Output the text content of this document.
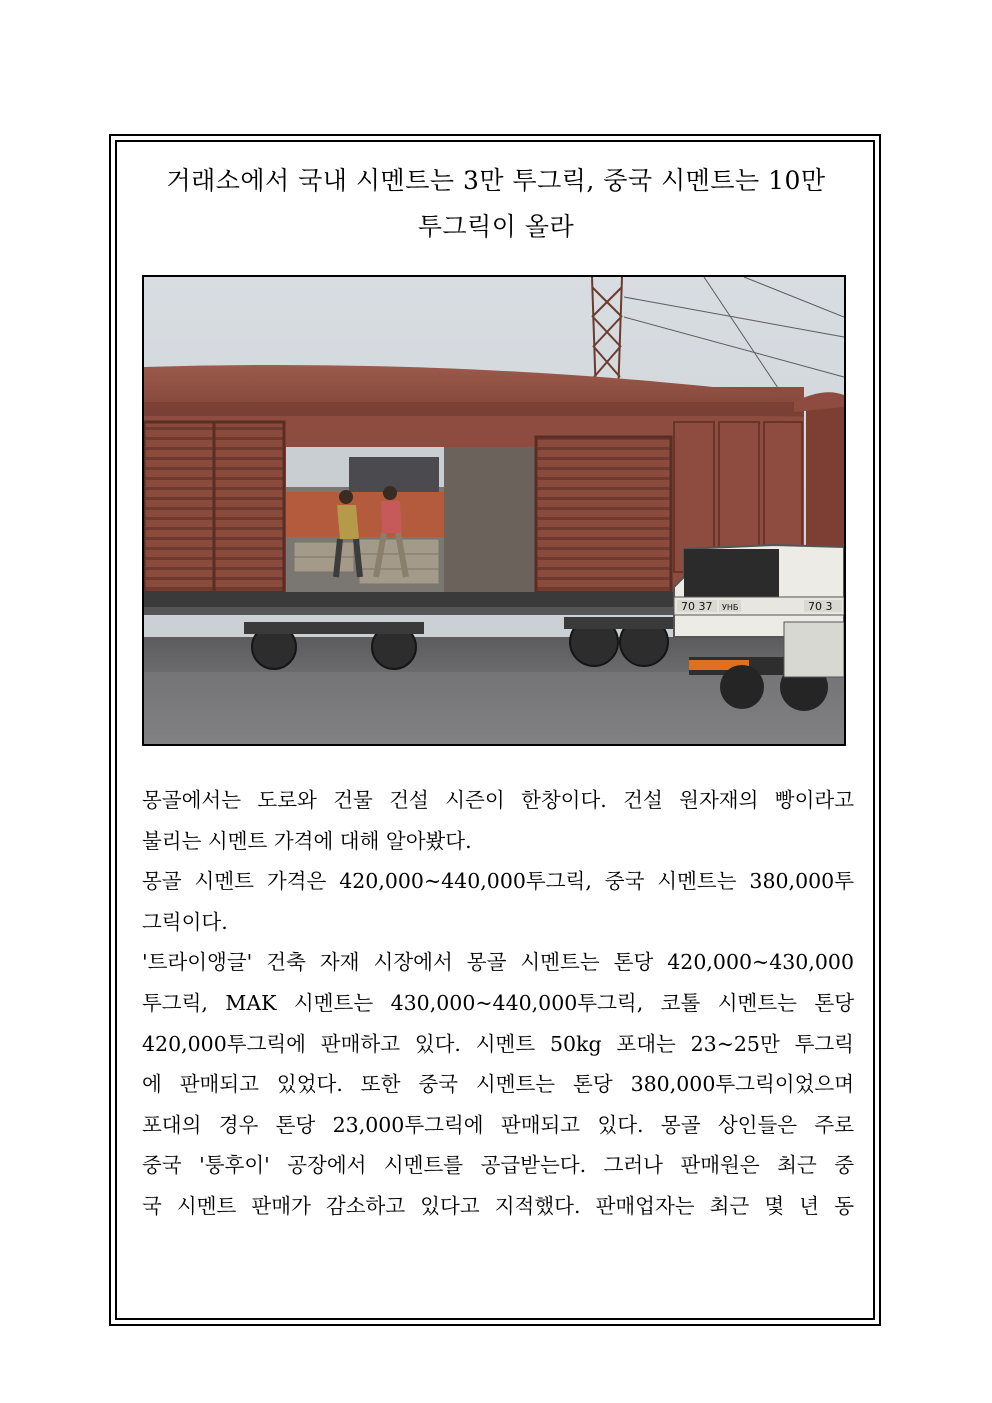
거래소에서 국내 시멘트는 3만 투그릭, 중국 시멘트는 10만
투그릭이 올라
70 37 УНБ	70 3
몽골에서는 도로와 건물 건설 시즌이 한창이다. 건설 원자재의 빵이라고
불리는 시멘트 가격에 대해 알아봤다.
몽골 시멘트 가격은 420,000~440,000투그릭, 중국 시멘트는 380,000투
그릭이다.
'트라이앵글' 건축 자재 시장에서 몽골 시멘트는 톤당 420,000~430,000
투그릭, MAK 시멘트는 430,000~440,000투그릭, 코톨 시멘트는 톤당
420,000투그릭에 판매하고 있다. 시멘트 50kg 포대는 23~25만 투그릭
에 판매되고 있었다. 또한 중국 시멘트는 톤당 380,000투그릭이었으며
포대의 경우 톤당 23,000투그릭에 판매되고 있다. 몽골 상인들은 주로
중국 '퉁후이' 공장에서 시멘트를 공급받는다. 그러나 판매원은 최근 중
국 시멘트 판매가 감소하고 있다고 지적했다. 판매업자는 최근 몇 년 동
